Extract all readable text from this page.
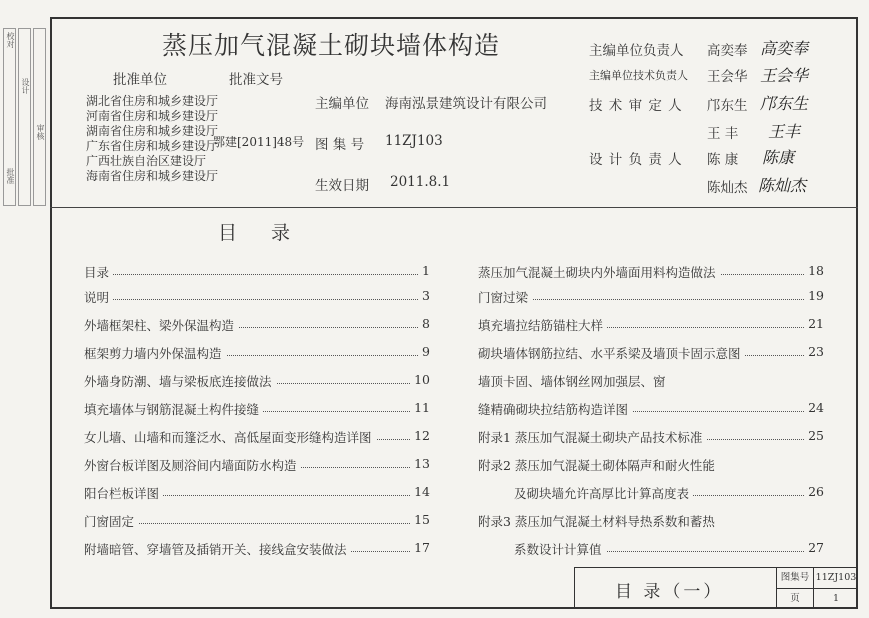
校对
设计
审核
批准
蒸压加气混凝土砌块墙体构造
批准单位	批准文号
湖北省住房和城乡建设厅
河南省住房和城乡建设厅
湖南省住房和城乡建设厅
广东省住房和城乡建设厅
广西壮族自治区建设厅
海南省住房和城乡建设厅
鄂建[2011]48号
主编单位 海南泓景建筑设计有限公司
图 集 号 11ZJ103
生效日期 2011.8.1
主编单位负责人 高奕奉 高奕奉
主编单位技术负责人 王会华 王会华
技 术 审 定 人 邝东生 邝东生
王 丰 王丰
设 计 负 责 人 陈 康 陈康
陈灿杰 陈灿杰
目 录
目录	1
说明	3
外墙框架柱、梁外保温构造	8
框架剪力墙内外保温构造	9
外墙身防潮、墙与梁板底连接做法	10
填充墙体与钢筋混凝土构件接缝	11
女儿墙、山墙和而篷泛水、高低屋面变形缝构造详图	12
外窗台板详图及厕浴间内墙面防水构造	13
阳台栏板详图	14
门窗固定	15
附墙暗管、穿墙管及插销开关、接线盒安装做法	17
蒸压加气混凝土砌块内外墙面用料构造做法	18
门窗过梁	19
填充墙拉结筋锚柱大样	21
砌块墙体钢筋拉结、水平系梁及墙顶卡固示意图	23
墙顶卡固、墙体钢丝网加强层、窗
缝精确砌块拉结筋构造详图	24
附录1 蒸压加气混凝土砌块产品技术标准	25
附录2 蒸压加气混凝土砌体隔声和耐火性能
及砌块墙允许高厚比计算高度表	26
附录3 蒸压加气混凝土材料导热系数和蓄热
系数设计计算值	27
目 录（一）
图集号 11ZJ103
页	1
